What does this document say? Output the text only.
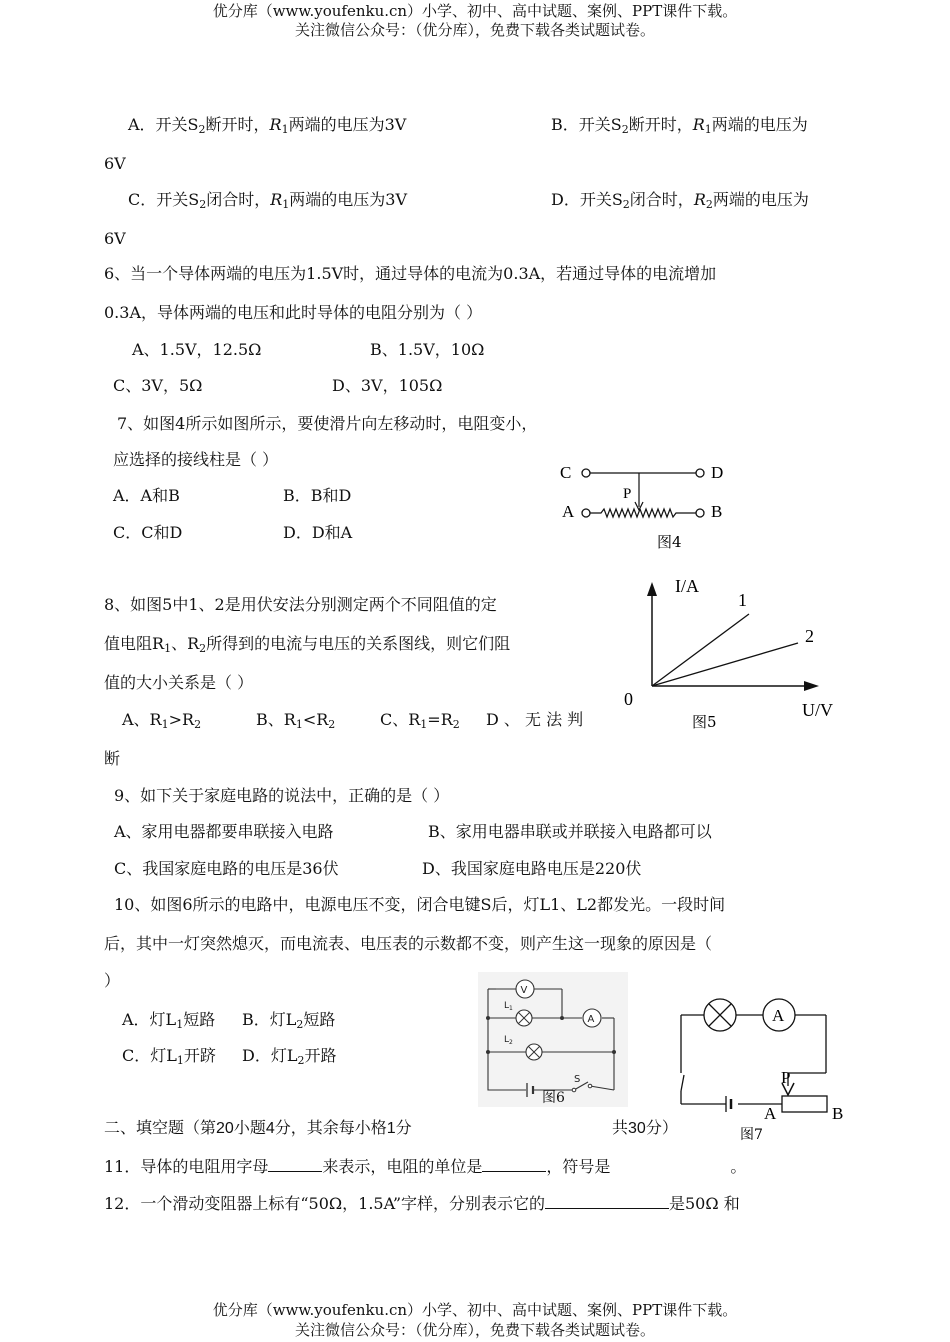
优分库（www.youfenku.cn）小学、初中、高中试题、案例、PPT课件下载。
关注微信公众号：（优分库），免费下载各类试题试卷。
A．开关$S_2$断开时，$R_1$两端的电压为3V	B．开关$S_2$断开时，$R_1$两端的电压为
6V
C．开关$S_2$闭合时，$R_1$两端的电压为3V	D．开关$S_2$闭合时，$R_2$两端的电压为
6V
6、当一个导体两端的电压为1.5V时，通过导体的电流为0.3A，若通过导体的电流增加
0.3A，导体两端的电压和此时导体的电阻分别为（ ）
A、1.5V，12.5Ω	B、1.5V，10Ω
C、3V，5Ω	D、3V，105Ω
7、如图4所示如图所示，要使滑片向左移动时，电阻变小，
应选择的接线柱是（ ）
A．A和B	B．B和D
C．C和D	D．D和A
C	D
P
A	B
图4
8、如图5中1、2是用伏安法分别测定两个不同阻值的定
值电阻$R_1$、$R_2$所得到的电流与电压的关系图线，则它们阻
值的大小关系是（ ）
A、$R_1>R_2$	B、$R_1<R_2$	C、$R_1=R_2$ D 、 无 法 判
断
I/A
1
2
0
U/V
图5
9、如下关于家庭电路的说法中，正确的是（ ）
A、家用电器都要串联接入电路	B、家用电器串联或并联接入电路都可以
C、我国家庭电路的电压是36伏	D、我国家庭电路电压是220伏
10、如图6所示的电路中，电源电压不变，闭合电键S后，灯L1、L2都发光。一段时间
后，其中一灯突然熄灭，而电流表、电压表的示数都不变，则产生这一现象的原因是（
）
A．灯$L_1$短路 B．灯$L_2$短路
C．灯$L_1$开跻 D．灯$L_2$开路
V
A
$L_1$
$L_2$
S
图6
A
P
A	B
图7
二、填空题（第20小题4分，其余每小格1分	共30分）
11．导体的电阻用字母	来表示，电阻的单位是	，符号是	。
12．一个滑动变阻器上标有“50Ω，1.5A”字样，分别表示它的	是50Ω 和
优分库（www.youfenku.cn）小学、初中、高中试题、案例、PPT课件下载。
关注微信公众号：（优分库），免费下载各类试题试卷。
